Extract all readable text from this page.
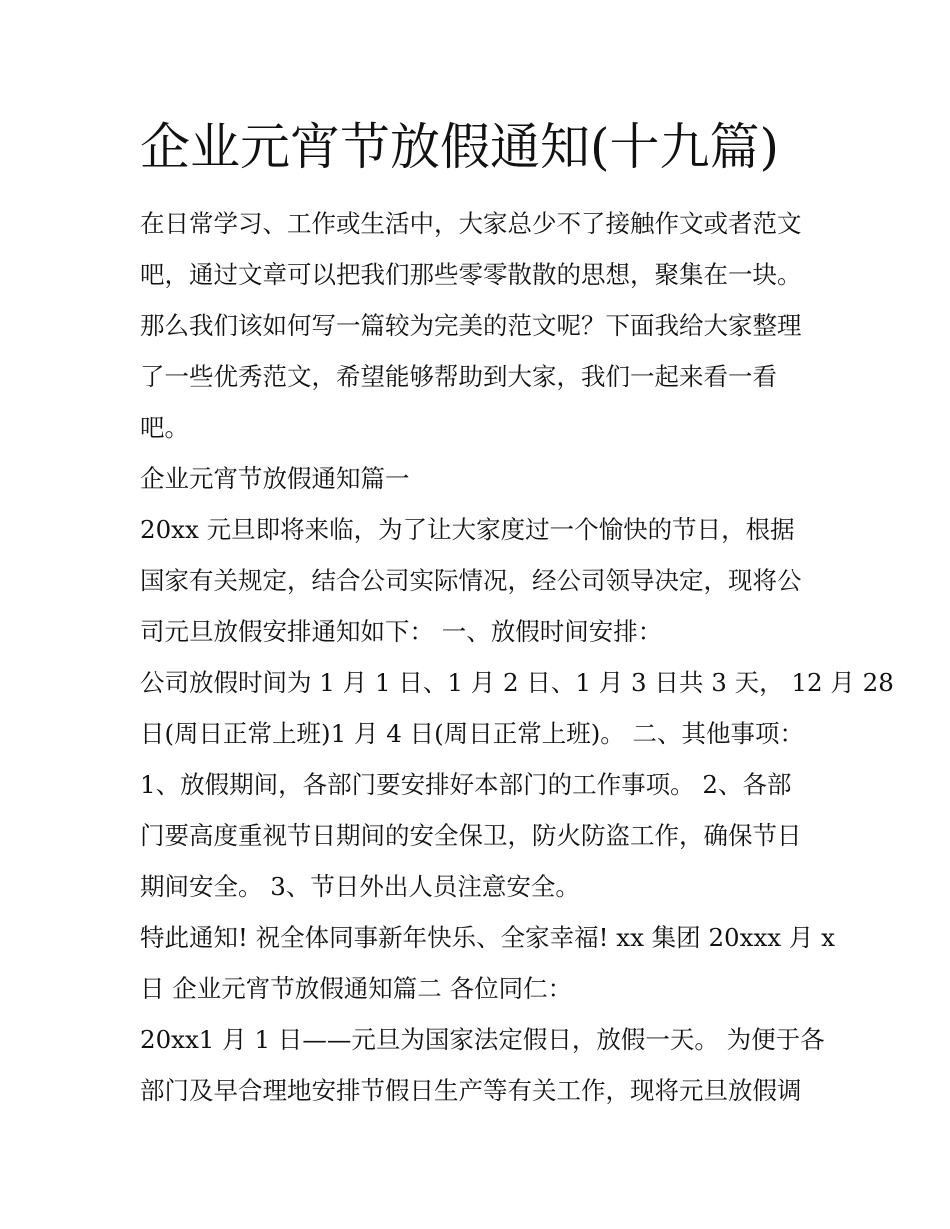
企业元宵节放假通知(十九篇)
在日常学习、工作或生活中，大家总少不了接触作文或者范文
吧，通过文章可以把我们那些零零散散的思想，聚集在一块。
那么我们该如何写一篇较为完美的范文呢？下面我给大家整理
了一些优秀范文，希望能够帮助到大家，我们一起来看一看
吧。
企业元宵节放假通知篇一
20xx 元旦即将来临，为了让大家度过一个愉快的节日，根据
国家有关规定，结合公司实际情况，经公司领导决定，现将公
司元旦放假安排通知如下： 一、放假时间安排：
公司放假时间为 1 月 1 日、1 月 2 日、1 月 3 日共 3 天， 12 月 28
日(周日正常上班)1 月 4 日(周日正常上班)。 二、其他事项：
1、放假期间，各部门要安排好本部门的工作事项。 2、各部
门要高度重视节日期间的安全保卫，防火防盗工作，确保节日
期间安全。 3、节日外出人员注意安全。
特此通知! 祝全体同事新年快乐、全家幸福! xx 集团 20xxx 月 x
日 企业元宵节放假通知篇二 各位同仁：
20xx1 月 1 日——元旦为国家法定假日，放假一天。 为便于各
部门及早合理地安排节假日生产等有关工作，现将元旦放假调
